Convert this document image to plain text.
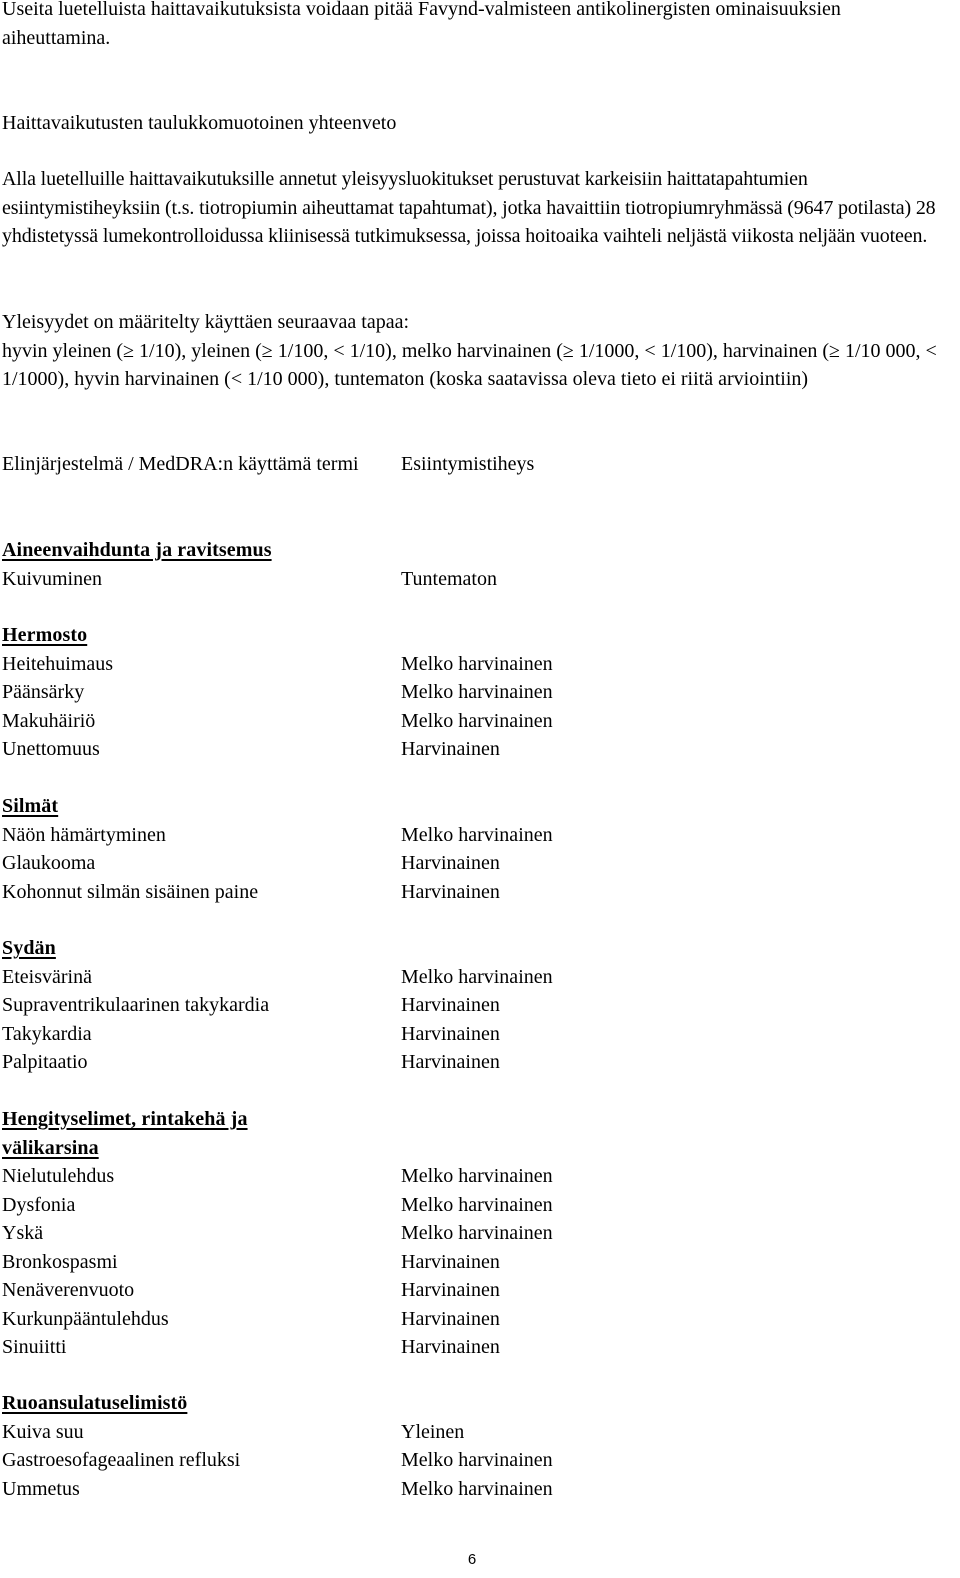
Useita luetelluista haittavaikutuksista voidaan pitää Favynd-valmisteen antikolinergisten ominaisuuksien aiheuttamina.

Haittavaikutusten taulukkomuotoinen yhteenveto

Alla luetelluille haittavaikutuksille annetut yleisyysluokitukset perustuvat karkeisiin haittatapahtumien esiintymistiheyksiin (t.s. tiotropiumin aiheuttamat tapahtumat), jotka havaittiin tiotropiumryhmässä (9647 potilasta) 28 yhdistetyssä lumekontrolloidussa kliinisessä tutkimuksessa, joissa hoitoaika vaihteli neljästä viikosta neljään vuoteen.

Yleisyydet on määritelty käyttäen seuraavaa tapaa:

hyvin yleinen (≥ 1/10), yleinen (≥ 1/100, < 1/10), melko harvinainen (≥ 1/1000, < 1/100), harvinainen (≥ 1/10 000, < 1/1000), hyvin harvinainen (< 1/10 000), tuntematon (koska saatavissa oleva tieto ei riitä arviointiin)

Elinjärjestelmä / MedDRA:n käyttämä termi	Esiintymistiheys
Aineenvaihdunta ja ravitsemus
Kuivuminen	Tuntematon
Hermosto
Heitehuimaus	Melko harvinainen
Päänsärky	Melko harvinainen
Makuhäiriö	Melko harvinainen
Unettomuus	Harvinainen
Silmät
Näön hämärtyminen	Melko harvinainen
Glaukooma	Harvinainen
Kohonnut silmän sisäinen paine	Harvinainen
Sydän
Eteisvärinä	Melko harvinainen
Supraventrikulaarinen takykardia	Harvinainen
Takykardia	Harvinainen
Palpitaatio	Harvinainen
Hengityselimet, rintakehä ja välikarsina
Nielutulehdus	Melko harvinainen
Dysfonia	Melko harvinainen
Yskä	Melko harvinainen
Bronkospasmi	Harvinainen
Nenäverenvuoto	Harvinainen
Kurkunpääntulehdus	Harvinainen
Sinuiitti	Harvinainen
Ruoansulatuselimistö
Kuiva suu	Yleinen
Gastroesofageaalinen refluksi	Melko harvinainen
Ummetus	Melko harvinainen
6
